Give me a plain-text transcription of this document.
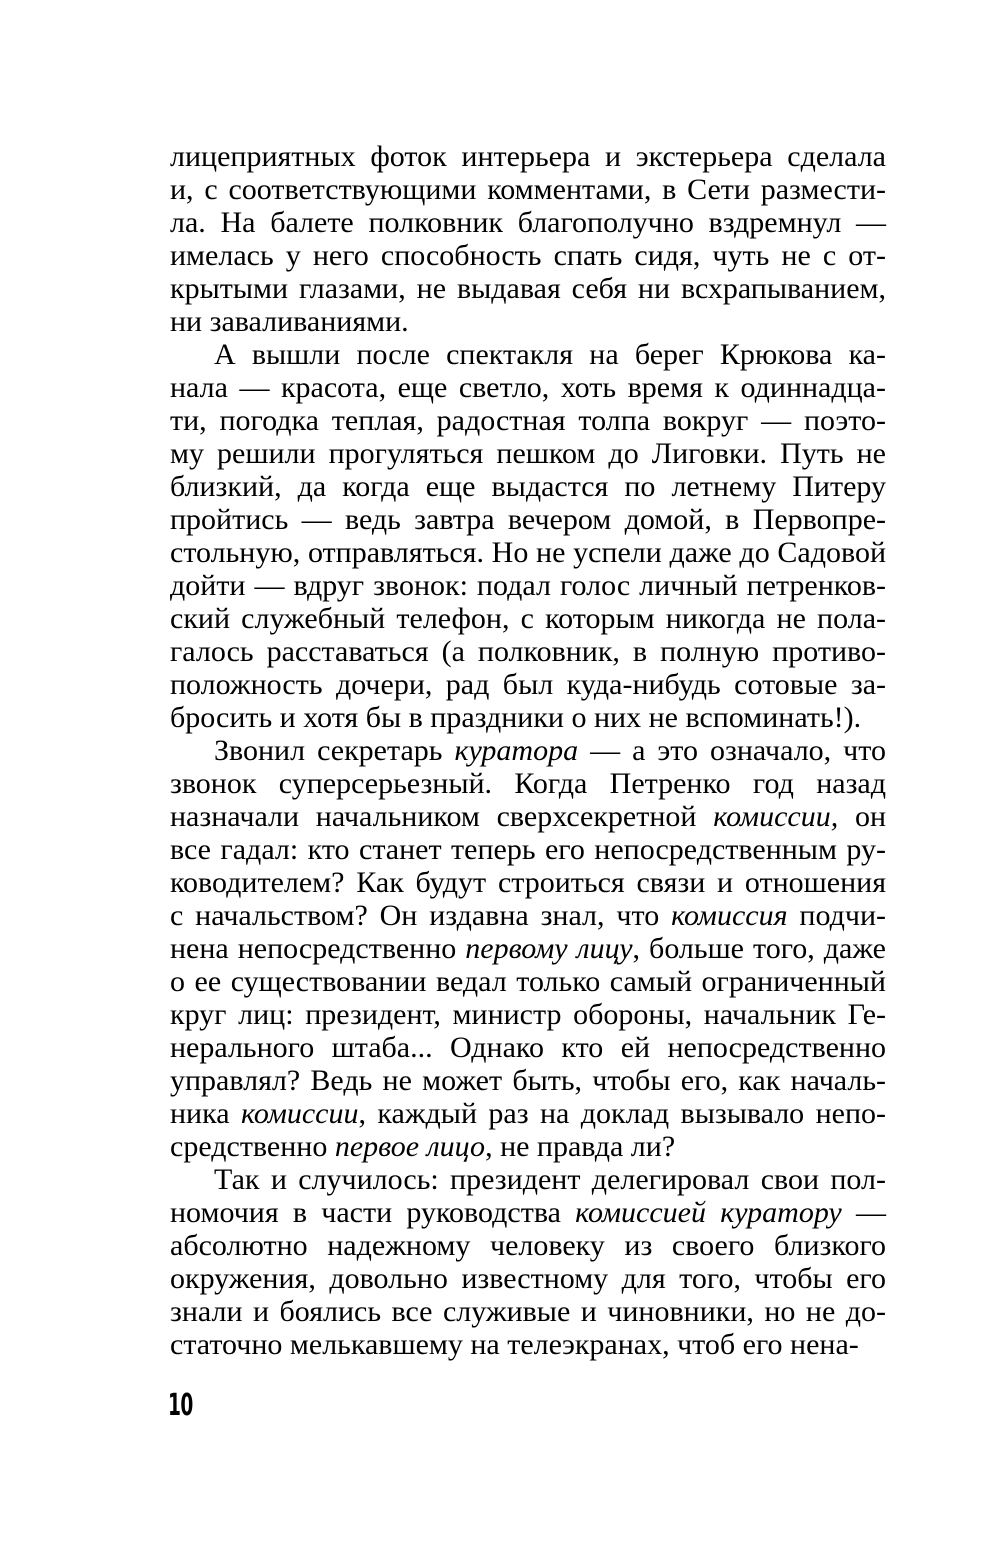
лицеприятных фоток интерьера и экстерьера сделала
и, с соответствующими комментами, в Сети размести-
ла. На балете полковник благополучно вздремнул —
имелась у него способность спать сидя, чуть не с от-
крытыми глазами, не выдавая себя ни всхрапыванием,
ни заваливаниями.
А вышли после спектакля на берег Крюкова ка-
нала — красота, еще светло, хоть время к одиннадца-
ти, погодка теплая, радостная толпа вокруг — поэто-
му решили прогуляться пешком до Лиговки. Путь не
близкий, да когда еще выдастся по летнему Питеру
пройтись — ведь завтра вечером домой, в Первопре-
стольную, отправляться. Но не успели даже до Садовой
дойти — вдруг звонок: подал голос личный петренков-
ский служебный телефон, с которым никогда не пола-
галось расставаться (а полковник, в полную противо-
положность дочери, рад был куда-нибудь сотовые за-
бросить и хотя бы в праздники о них не вспоминать!).
Звонил секретарь куратора — а это означало, что
звонок суперсерьезный. Когда Петренко год назад
назначали начальником сверхсекретной комиссии, он
все гадал: кто станет теперь его непосредственным ру-
ководителем? Как будут строиться связи и отношения
с начальством? Он издавна знал, что комиссия подчи-
нена непосредственно первому лицу, больше того, даже
о ее существовании ведал только самый ограниченный
круг лиц: президент, министр обороны, начальник Ге-
нерального штаба... Однако кто ей непосредственно
управлял? Ведь не может быть, чтобы его, как началь-
ника комиссии, каждый раз на доклад вызывало непо-
средственно первое лицо, не правда ли?
Так и случилось: президент делегировал свои пол-
номочия в части руководства комиссией куратору —
абсолютно надежному человеку из своего близкого
окружения, довольно известному для того, чтобы его
знали и боялись все служивые и чиновники, но не до-
статочно мелькавшему на телеэкранах, чтоб его нена-
10
